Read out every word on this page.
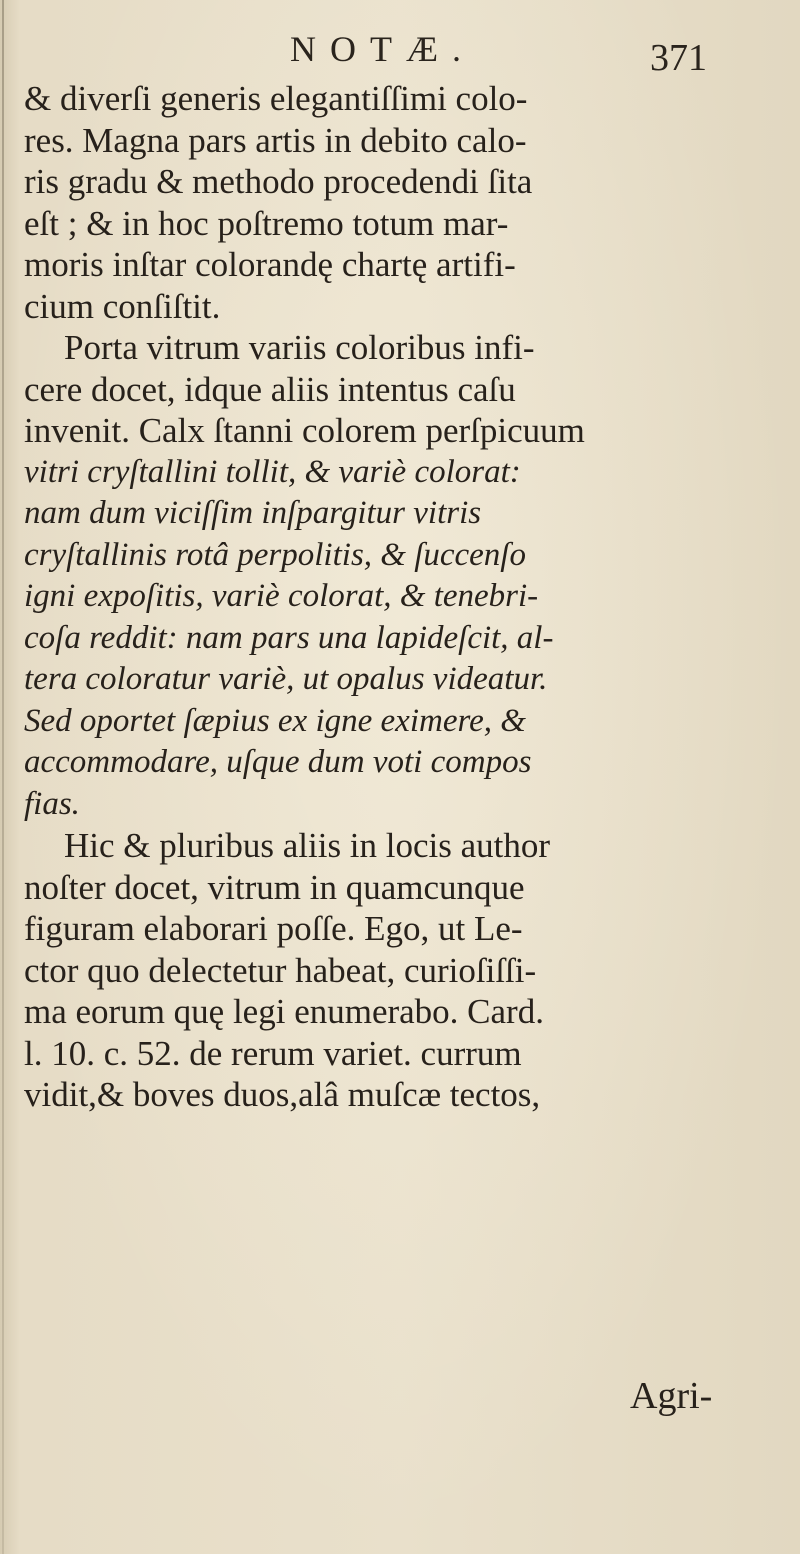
NOTÆ.	371
& diverſi generis elegantiſſimi colo-
res. Magna pars artis in debito calo-
ris gradu & methodo procedendi ſita
eſt ; & in hoc poſtremo totum mar-
moris inſtar colorandę chartę artifi-
cium conſiſtit.
Porta vitrum variis coloribus infi-
cere docet, idque aliis intentus caſu
invenit. Calx ſtanni colorem perſpicuum
vitri cryſtallini tollit, & variè colorat:
nam dum viciſſim inſpargitur vitris
cryſtallinis rotâ perpolitis, & ſuccenſo
igni expoſitis, variè colorat, & tenebri-
coſa reddit: nam pars una lapideſcit, al-
tera coloratur variè, ut opalus videatur.
Sed oportet ſæpius ex igne eximere, &
accommodare, uſque dum voti compos
fias.
Hic & pluribus aliis in locis author
noſter docet, vitrum in quamcunque
figuram elaborari poſſe. Ego, ut Le-
ctor quo delectetur habeat, curioſiſſi-
ma eorum quę legi enumerabo. Card.
l. 10. c. 52. de rerum variet. currum
vidit,& boves duos,alâ muſcæ tectos,
Agri-
